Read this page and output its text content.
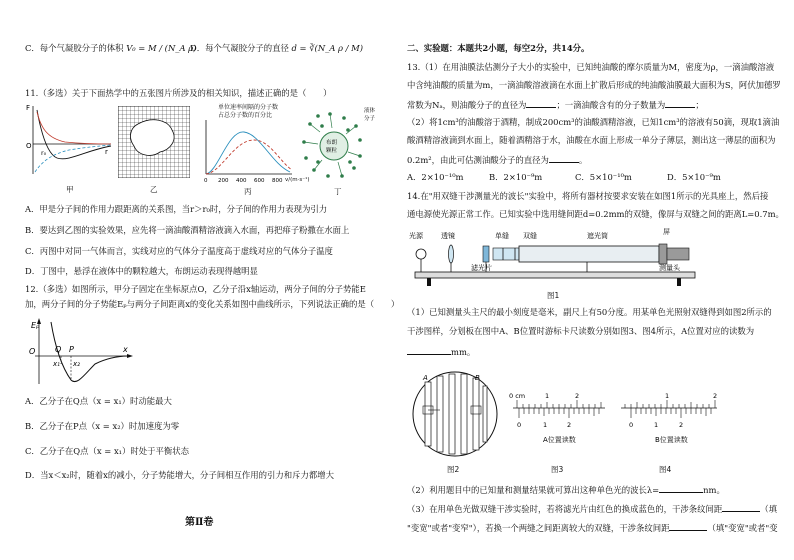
C．每个气凝胶分子的体积 V₀ = M / (N_A ρ)
D．每个气凝胶分子的直径 d = ∛(N_A ρ / M)
11.（多选）关于下面热学中的五张图片所涉及的相关知识，描述正确的是（　　）
F
O
r
r₀
甲	乙
单位速率间隔的分子数
占总分子数的百分比
0 200 400 600 800 v/(m·s⁻¹)
丙
布朗
颗粒
液体
分子
丁
A．甲是分子间的作用力跟距离的关系图，当r＞r₀时，分子间的作用力表现为引力
B．要达到乙图的实验效果，应先将一滴油酸酒精溶液滴入水面，再把痱子粉撒在水面上
C．丙图中对同一气体而言，实线对应的气体分子温度高于虚线对应的气体分子温度
D．丁图中，悬浮在液体中的颗粒越大，布朗运动表现得越明显
12.（多选）如图所示，甲分子固定在坐标原点O，乙分子沿x轴运动，两分子间的分子势能E
加，两分子间的分子势能Eₚ与两分子间距离x的变化关系如图中曲线所示，下列说法正确的是（　　）
Eₚ
O Q P	x
x₁ x₂
A．乙分子在Q点（x = x₁）时动能最大
B．乙分子在P点（x = x₂）时加速度为零
C．乙分子在Q点（x = x₁）时处于平衡状态
D．当x＜x₂时，随着x的减小，分子势能增大，分子间相互作用的引力和斥力都增大
第Ⅱ卷
二、实验题：本题共2小题，每空2分，共14分。
13.（1）在用油膜法估测分子大小的实验中，已知纯油酸的摩尔质量为M，密度为ρ，一滴油酸溶液
中含纯油酸的质量为m，一滴油酸溶液滴在水面上扩散后形成的纯油酸油膜最大面积为S，阿伏加德罗
常数为Nₐ，则油酸分子的直径为	；一滴油酸含有的分子数量为	；
（2）将1cm³的油酸溶于酒精，制成200cm³的油酸酒精溶液，已知1cm³的溶液有50滴，现取1滴油
酸酒精溶液滴到水面上，随着酒精溶于水，油酸在水面上形成一单分子薄层，测出这一薄层的面积为
0.2m²，由此可估测油酸分子的直径为	。
A．2×10⁻¹⁰m	B．2×10⁻⁹m	C．5×10⁻¹⁰m	D．5×10⁻⁹m
14.在"用双缝干涉测量光的波长"实验中，将所有器材按要求安装在如图1所示的光具座上，然后接
通电源使光源正常工作。已知实验中选用缝间距d=0.2mm的双缝，像屏与双缝之间的距离L=0.7m。
光源	透镜
滤光片
单缝 双缝	遮光筒	屏
测量头
图1
（1）已知测量头主尺的最小刻度是毫米，副尺上有50分度。用某单色光照射双缝得到如图2所示的
干涉图样，分划板在图中A、B位置时游标卡尺读数分别如图3、图4所示，A位置对应的读数为
mm。
A	B
图2
0 cm	1	2
0	1	2
A位置读数
图3
1	2
0	1	2
B位置读数
图4
（2）利用题目中的已知量和测量结果就可算出这种单色光的波长λ=	nm。
（3）在用单色光做双缝干涉实验时，若将滤光片由红色的换成蓝色的，干涉条纹间距	（填
"变宽"或者"变窄"），若换一个两缝之间距离较大的双缝，干涉条纹间距	（填"变宽"或者"变
